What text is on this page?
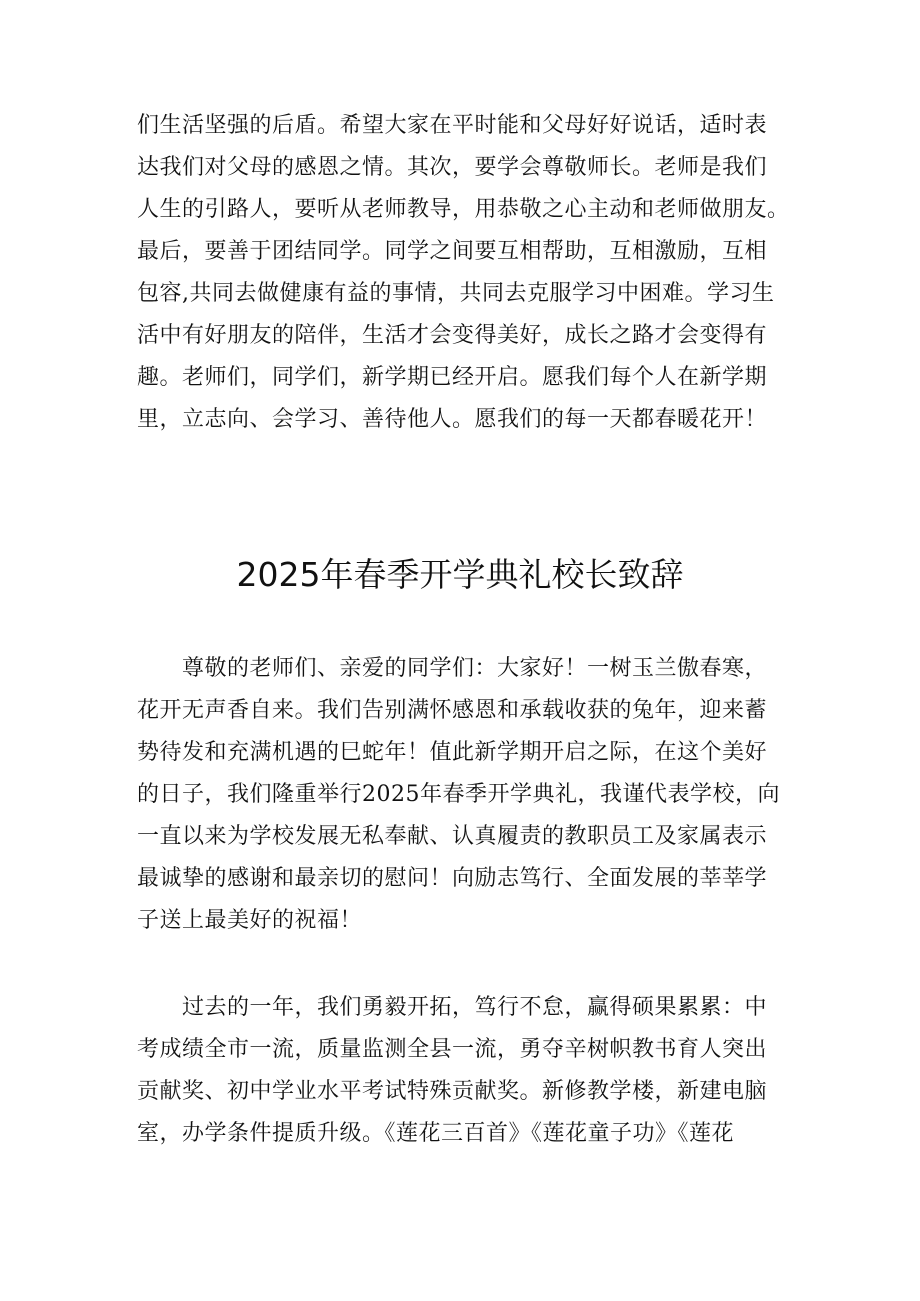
们生活坚强的后盾。希望大家在平时能和父母好好说话，适时表
达我们对父母的感恩之情。其次，要学会尊敬师长。老师是我们
人生的引路人，要听从老师教导，用恭敬之心主动和老师做朋友。
最后，要善于团结同学。同学之间要互相帮助，互相激励，互相
包容,共同去做健康有益的事情，共同去克服学习中困难。学习生
活中有好朋友的陪伴，生活才会变得美好，成长之路才会变得有
趣。老师们，同学们，新学期已经开启。愿我们每个人在新学期
里，立志向、会学习、善待他人。愿我们的每一天都春暖花开！
2025年春季开学典礼校长致辞
　　尊敬的老师们、亲爱的同学们：大家好！一树玉兰傲春寒，
花开无声香自来。我们告别满怀感恩和承载收获的兔年，迎来蓄
势待发和充满机遇的巳蛇年！值此新学期开启之际，在这个美好
的日子，我们隆重举行2025年春季开学典礼，我谨代表学校，向
一直以来为学校发展无私奉献、认真履责的教职员工及家属表示
最诚挚的感谢和最亲切的慰问！向励志笃行、全面发展的莘莘学
子送上最美好的祝福！
　　过去的一年，我们勇毅开拓，笃行不怠，赢得硕果累累：中
考成绩全市一流，质量监测全县一流，勇夺辛树帜教书育人突出
贡献奖、初中学业水平考试特殊贡献奖。新修教学楼，新建电脑
室，办学条件提质升级。《莲花三百首》《莲花童子功》《莲花
